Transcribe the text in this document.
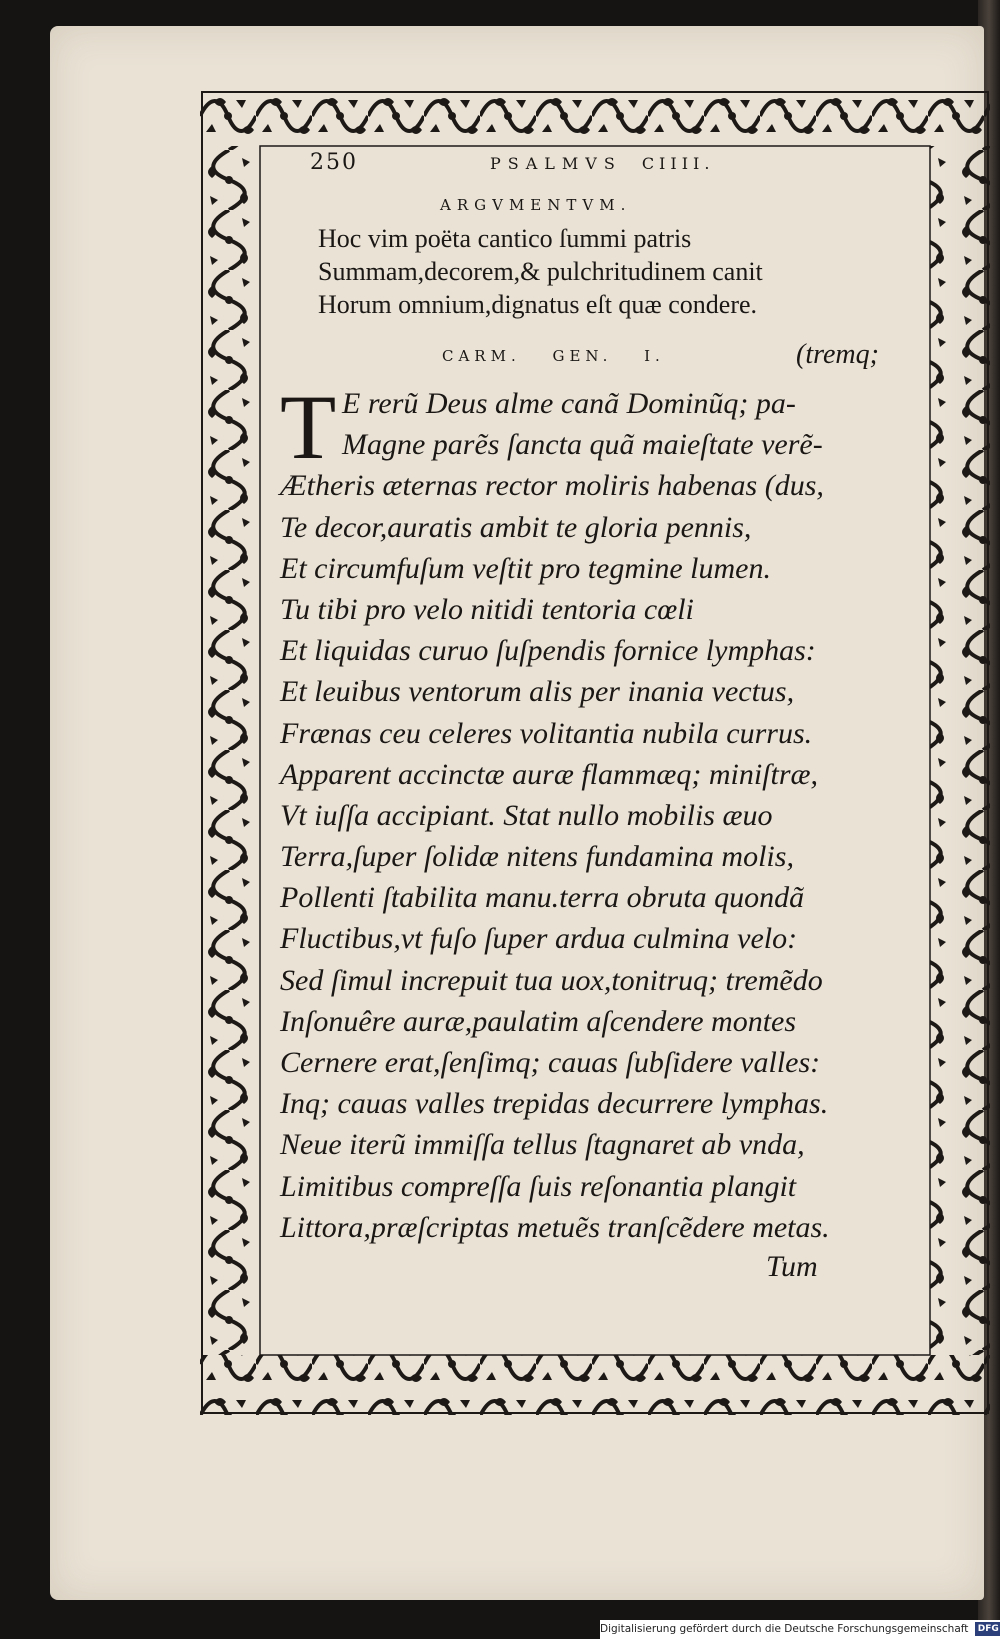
250	PSALMVS CIIII.
ARGVMENTVM.
Hoc vim poëta cantico ſummi patris
Summam,decorem,& pulchritudinem canit
Horum omnium,dignatus eſt quæ condere.
CARM. GEN. I.	(tremq;
T E rerũ Deus alme canã Dominũq; pa-
Magne parẽs ſancta quã maieſtate verẽ-
Ætheris æternas rector moliris habenas (dus,
Te decor,auratis ambit te gloria pennis,
Et circumfuſum veſtit pro tegmine lumen.
Tu tibi pro velo nitidi tentoria cœli
Et liquidas curuo ſuſpendis fornice lymphas:
Et leuibus ventorum alis per inania vectus,
Frænas ceu celeres volitantia nubila currus.
Apparent accinctæ auræ flammæq; miniſtræ,
Vt iuſſa accipiant. Stat nullo mobilis æuo
Terra,ſuper ſolidæ nitens fundamina molis,
Pollenti ſtabilita manu.terra obruta quondã
Fluctibus,vt fuſo ſuper ardua culmina velo:
Sed ſimul increpuit tua uox,tonitruq; tremẽdo
Inſonuêre auræ,paulatim aſcendere montes
Cernere erat,ſenſimq; cauas ſubſidere valles:
Inq; cauas valles trepidas decurrere lymphas.
Neue iterũ immiſſa tellus ſtagnaret ab vnda,
Limitibus compreſſa ſuis reſonantia plangit
Littora,præſcriptas metuẽs tranſcẽdere metas.
Tum
Digitalisierung gefördert durch die Deutsche Forschungsgemeinschaft DFG
